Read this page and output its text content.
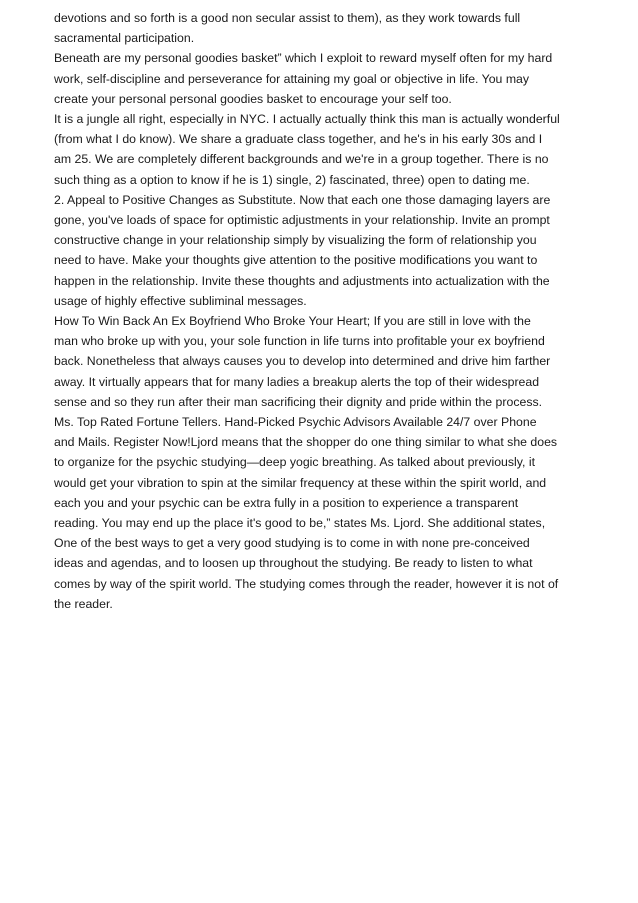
devotions and so forth is a good non secular assist to them), as they work towards full
sacramental participation.
Beneath are my personal goodies basket” which I exploit to reward myself often for my hard
work, self-discipline and perseverance for attaining my goal or objective in life. You may
create your personal personal goodies basket to encourage your self too.
It is a jungle all right, especially in NYC. I actually actually think this man is actually wonderful
(from what I do know). We share a graduate class together, and he's in his early 30s and I
am 25. We are completely different backgrounds and we're in a group together. There is no
such thing as a option to know if he is 1) single, 2) fascinated, three) open to dating me.
2. Appeal to Positive Changes as Substitute. Now that each one those damaging layers are
gone, you've loads of space for optimistic adjustments in your relationship. Invite an prompt
constructive change in your relationship simply by visualizing the form of relationship you
need to have. Make your thoughts give attention to the positive modifications you want to
happen in the relationship. Invite these thoughts and adjustments into actualization with the
usage of highly effective subliminal messages.
How To Win Back An Ex Boyfriend Who Broke Your Heart; If you are still in love with the
man who broke up with you, your sole function in life turns into profitable your ex boyfriend
back. Nonetheless that always causes you to develop into determined and drive him farther
away. It virtually appears that for many ladies a breakup alerts the top of their widespread
sense and so they run after their man sacrificing their dignity and pride within the process.
Ms. Top Rated Fortune Tellers. Hand-Picked Psychic Advisors Available 24/7 over Phone
and Mails. Register Now!Ljord means that the shopper do one thing similar to what she does
to organize for the psychic studying—deep yogic breathing. As talked about previously, it
would get your vibration to spin at the similar frequency at these within the spirit world, and
each you and your psychic can be extra fully in a position to experience a transparent
reading. You may end up the place it's good to be,” states Ms. Ljord. She additional states,
One of the best ways to get a very good studying is to come in with none pre-conceived
ideas and agendas, and to loosen up throughout the studying. Be ready to listen to what
comes by way of the spirit world. The studying comes through the reader, however it is not of
the reader.
